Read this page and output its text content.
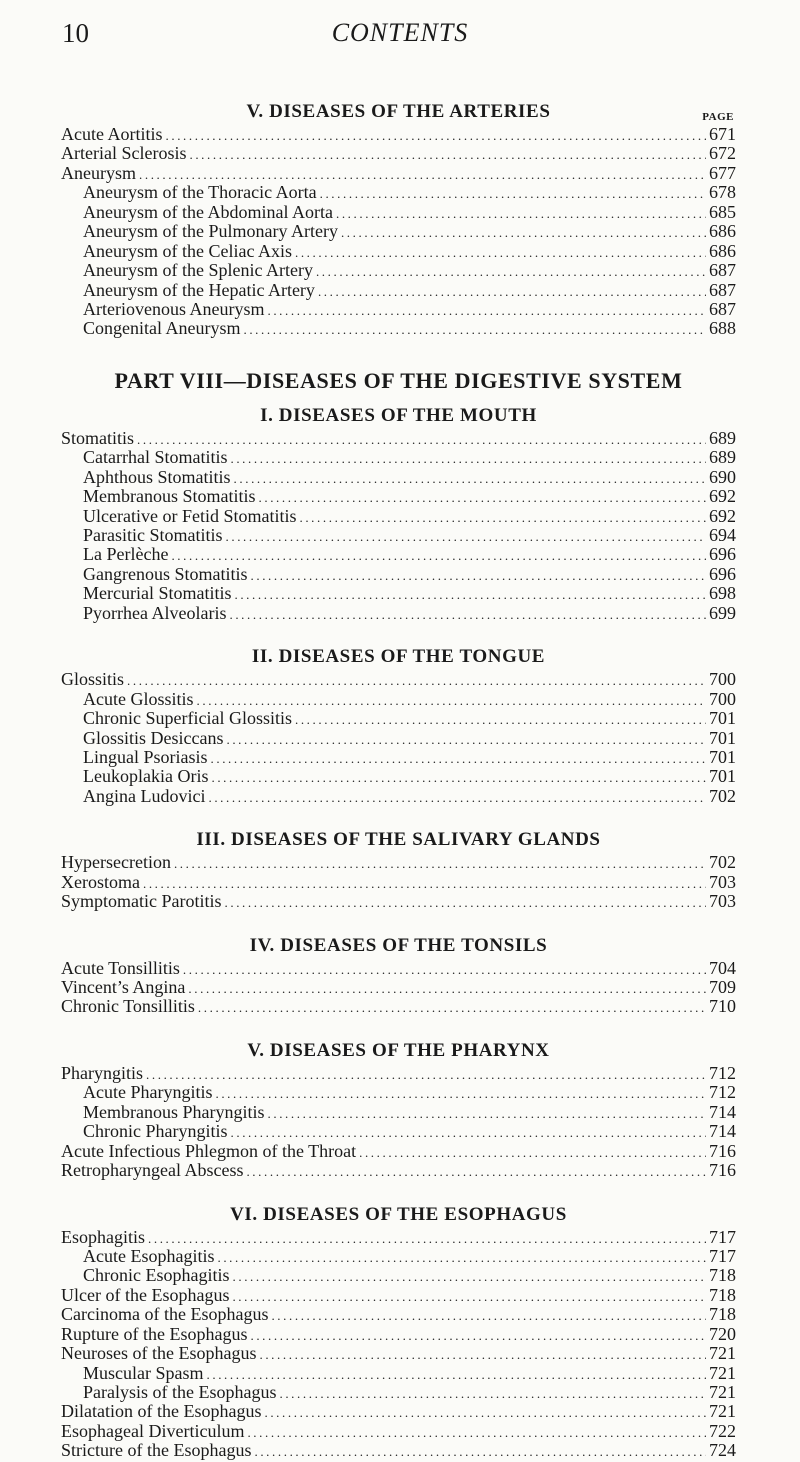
10	CONTENTS
PAGE
V. DISEASES OF THE ARTERIES
Acute Aortitis .....	671
Arterial Sclerosis .....	672
Aneurysm .....	677
Aneurysm of the Thoracic Aorta .....	678
Aneurysm of the Abdominal Aorta .....	685
Aneurysm of the Pulmonary Artery .....	686
Aneurysm of the Celiac Axis .....	686
Aneurysm of the Splenic Artery .....	687
Aneurysm of the Hepatic Artery .....	687
Arteriovenous Aneurysm .....	687
Congenital Aneurysm .....	688
PART VIII—DISEASES OF THE DIGESTIVE SYSTEM
I. DISEASES OF THE MOUTH
Stomatitis .....	689
Catarrhal Stomatitis .....	689
Aphthous Stomatitis .....	690
Membranous Stomatitis .....	692
Ulcerative or Fetid Stomatitis .....	692
Parasitic Stomatitis .....	694
La Perlèche .....	696
Gangrenous Stomatitis .....	696
Mercurial Stomatitis .....	698
Pyorrhea Alveolaris .....	699
II. DISEASES OF THE TONGUE
Glossitis .....	700
Acute Glossitis .....	700
Chronic Superficial Glossitis .....	701
Glossitis Desiccans .....	701
Lingual Psoriasis .....	701
Leukoplakia Oris .....	701
Angina Ludovici .....	702
III. DISEASES OF THE SALIVARY GLANDS
Hypersecretion .....	702
Xerostoma .....	703
Symptomatic Parotitis .....	703
IV. DISEASES OF THE TONSILS
Acute Tonsillitis .....	704
Vincent’s Angina .....	709
Chronic Tonsillitis .....	710
V. DISEASES OF THE PHARYNX
Pharyngitis .....	712
Acute Pharyngitis .....	712
Membranous Pharyngitis .....	714
Chronic Pharyngitis .....	714
Acute Infectious Phlegmon of the Throat .....	716
Retropharyngeal Abscess .....	716
VI. DISEASES OF THE ESOPHAGUS
Esophagitis .....	717
Acute Esophagitis .....	717
Chronic Esophagitis .....	718
Ulcer of the Esophagus .....	718
Carcinoma of the Esophagus .....	718
Rupture of the Esophagus .....	720
Neuroses of the Esophagus .....	721
Muscular Spasm .....	721
Paralysis of the Esophagus .....	721
Dilatation of the Esophagus .....	721
Esophageal Diverticulum .....	722
Stricture of the Esophagus .....	724
